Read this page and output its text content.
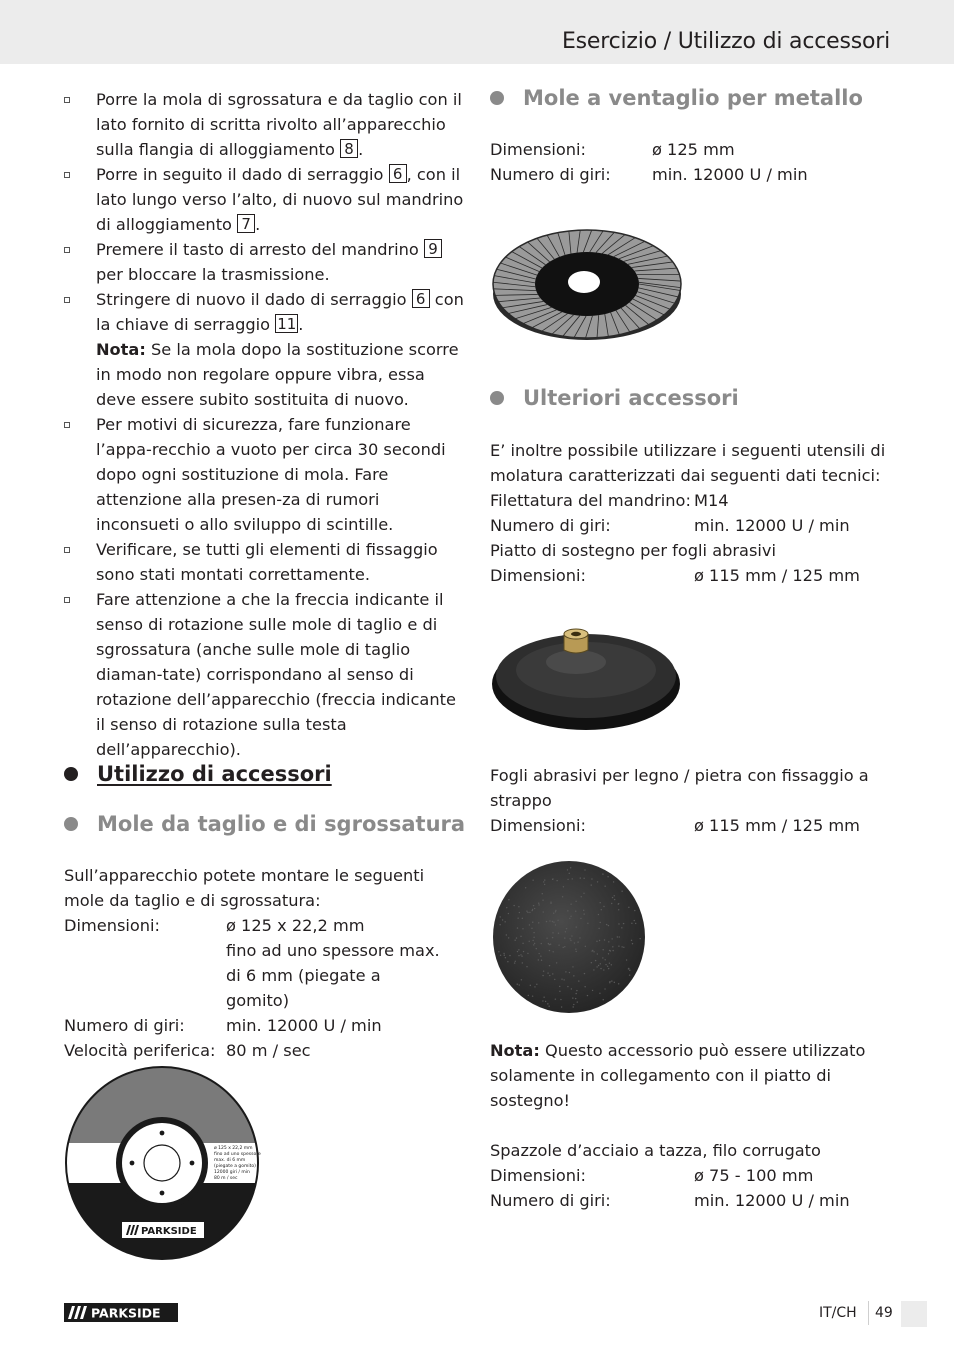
Esercizio / Utilizzo di accessori
Porre la mola di sgrossatura e da taglio con il lato fornito di scritta rivolto all’apparecchio sulla flangia di alloggiamento 8 .
Porre in seguito il dado di serraggio 6 , con il lato lungo verso l’alto, di nuovo sul mandrino di alloggiamento 7 .
Premere il tasto di arresto del mandrino 9 per bloccare la trasmissione.
Stringere di nuovo il dado di serraggio 6 con la chiave di serraggio 11 .
Nota: Se la mola dopo la sostituzione scorre in modo non regolare oppure vibra, essa deve essere subito sostituita di nuovo.
Per motivi di sicurezza, fare funzionare l’appa-recchio a vuoto per circa 30 secondi dopo ogni sostituzione di mola. Fare attenzione alla presen-za di rumori inconsueti o allo sviluppo di scintille.
Verificare, se tutti gli elementi di fissaggio sono stati montati correttamente.
Fare attenzione a che la freccia indicante il senso di rotazione sulle mole di taglio e di sgrossatura (anche sulle mole di taglio diaman-tate) corrispondano al senso di rotazione dell’apparecchio (freccia indicante il senso di rotazione sulla testa dell’apparecchio).
Utilizzo di accessori
Mole da taglio e di sgrossatura
Sull’apparecchio potete montare le seguenti mole da taglio e di sgrossatura:
Dimensioni:	ø 125 x 22,2 mm
fino ad uno spessore max. di 6 mm (piegate a gomito)
Numero di giri:	min. 12000 U / min
Velocità periferica: 80 m / sec
ø 125 x 22,2 mm
fino ad uno spessore
max. di 6 mm
(piegate a gomito)
12000 giri / min
80 m / sec
PARKSIDE
Mole a ventaglio per metallo
Dimensioni:	ø 125 mm
Numero di giri:	min. 12000 U / min
Ulteriori accessori
E’ inoltre possibile utilizzare i seguenti utensili di molatura caratterizzati dai seguenti dati tecnici:
Filettatura del mandrino: M14
Numero di giri:	min. 12000 U / min
Piatto di sostegno per fogli abrasivi
Dimensioni:	ø 115 mm / 125 mm
Fogli abrasivi per legno / pietra con fissaggio a strappo
Dimensioni:	ø 115 mm / 125 mm
Nota: Questo accessorio può essere utilizzato solamente in collegamento con il piatto di sostegno!
Spazzole d’acciaio a tazza, filo corrugato
Dimensioni:	ø 75 - 100 mm
Numero di giri:	min. 12000 U / min
PARKSIDE	IT/CH 49
